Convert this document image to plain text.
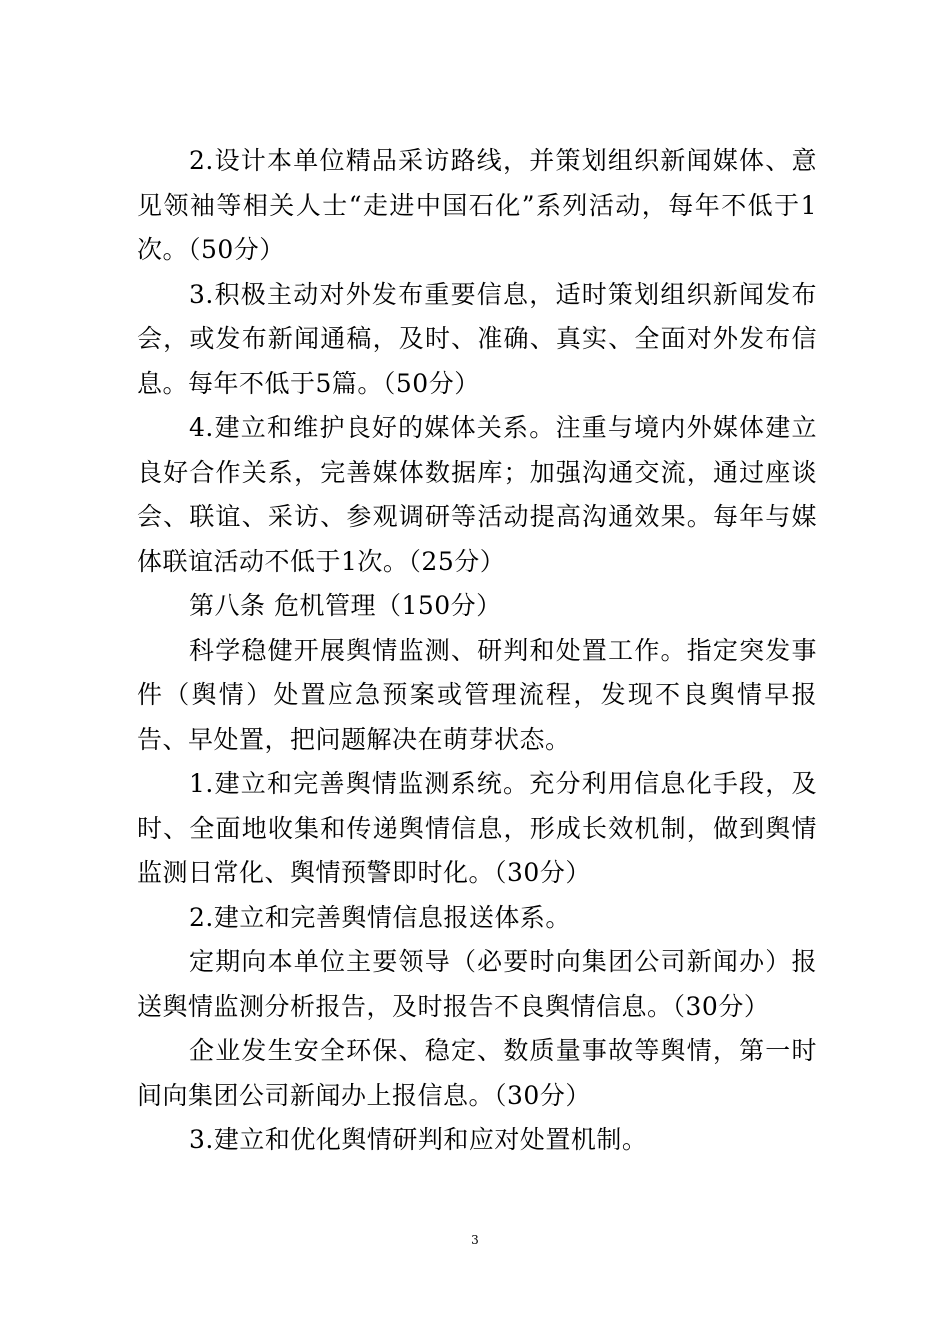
2.设计本单位精品采访路线，并策划组织新闻媒体、意见领袖等相关人士“走进中国石化”系列活动，每年不低于1次。（50分）

3.积极主动对外发布重要信息，适时策划组织新闻发布会，或发布新闻通稿，及时、准确、真实、全面对外发布信息。每年不低于5篇。（50分）

4.建立和维护良好的媒体关系。注重与境内外媒体建立良好合作关系，完善媒体数据库；加强沟通交流，通过座谈会、联谊、采访、参观调研等活动提高沟通效果。每年与媒体联谊活动不低于1次。（25分）

第八条 危机管理（150分）

科学稳健开展舆情监测、研判和处置工作。指定突发事件（舆情）处置应急预案或管理流程，发现不良舆情早报告、早处置，把问题解决在萌芽状态。

1.建立和完善舆情监测系统。充分利用信息化手段，及时、全面地收集和传递舆情信息，形成长效机制，做到舆情监测日常化、舆情预警即时化。（30分）

2.建立和完善舆情信息报送体系。

定期向本单位主要领导（必要时向集团公司新闻办）报送舆情监测分析报告，及时报告不良舆情信息。（30分）

企业发生安全环保、稳定、数质量事故等舆情，第一时间向集团公司新闻办上报信息。（30分）

3.建立和优化舆情研判和应对处置机制。

3
